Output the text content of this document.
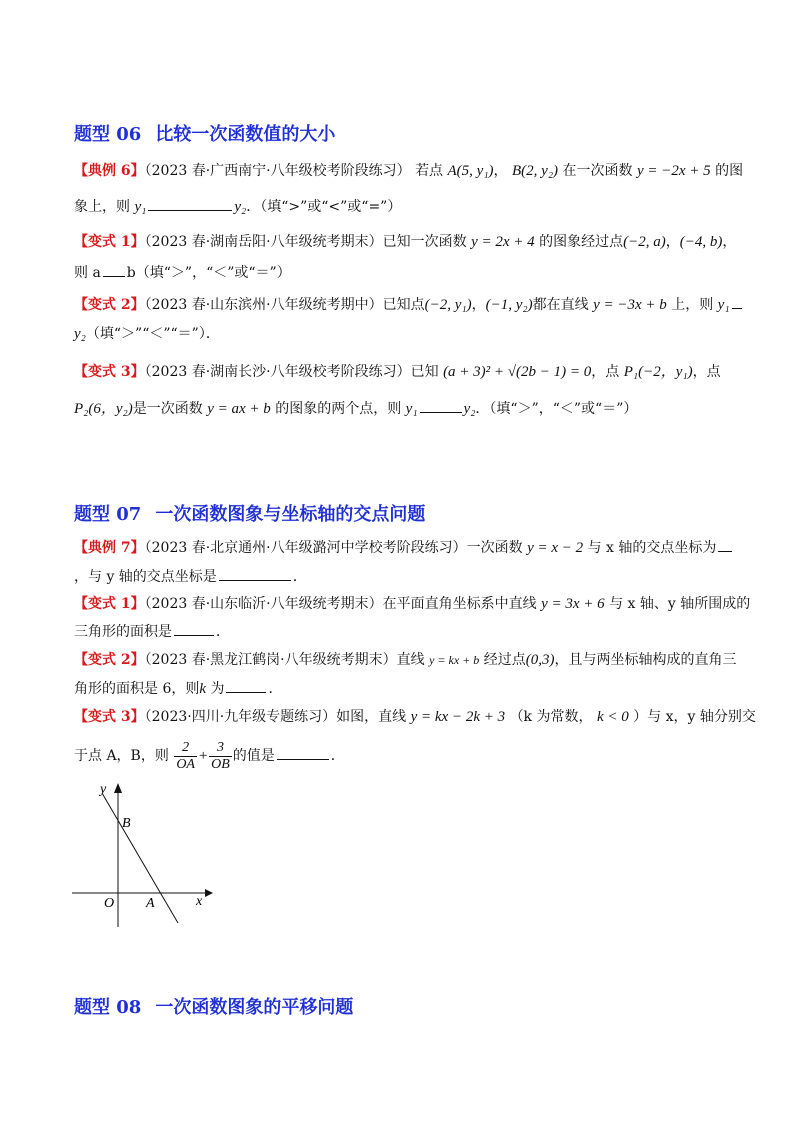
题型 06 比较一次函数值的大小
【典例 6】（2023 春·广西南宁·八年级校考阶段练习） 若点 A(5, y₁)， B(2, y₂) 在一次函数 y = −2x + 5 的图
象上，则 y₁	y₂．（填“>”或“<”或“=”）
【变式 1】（2023 春·湖南岳阳·八年级统考期末）已知一次函数 y = 2x + 4 的图象经过点(−2, a)，(−4, b)，
则 a b（填“＞”，“＜”或“＝”）
【变式 2】（2023 春·山东滨州·八年级统考期中）已知点(−2, y₁)，(−1, y₂)都在直线 y = −3x + b 上，则 y₁
y₂（填“＞”“＜”“＝”）．
【变式 3】（2023 春·湖南长沙·八年级校考阶段练习）已知 (a + 3)² + √(2b − 1) = 0，点 P₁(−2，y₁)，点
P₂(6，y₂)是一次函数 y = ax + b 的图象的两个点，则 y₁	y₂．（填“＞”，“＜”或“＝”）
题型 07 一次函数图象与坐标轴的交点问题
【典例 7】（2023 春·北京通州·八年级潞河中学校考阶段练习）一次函数 y = x − 2 与 x 轴的交点坐标为
，与 y 轴的交点坐标是	．
【变式 1】（2023 春·山东临沂·八年级统考期末）在平面直角坐标系中直线 y = 3x + 6 与 x 轴、y 轴所围成的
三角形的面积是	．
【变式 2】（2023 春·黑龙江鹤岗·八年级统考期末）直线 y = kx + b 经过点(0,3)，且与两坐标轴构成的直角三
角形的面积是 6，则k 为	．
【变式 3】（2023·四川·九年级专题练习）如图，直线 y = kx − 2k + 3 （k 为常数， k < 0 ）与 x，y 轴分别交
于点 A，B，则 $\frac{2}{OA} + \frac{3}{OB}$ 的值是	．
y
x
O A
B
题型 08 一次函数图象的平移问题
